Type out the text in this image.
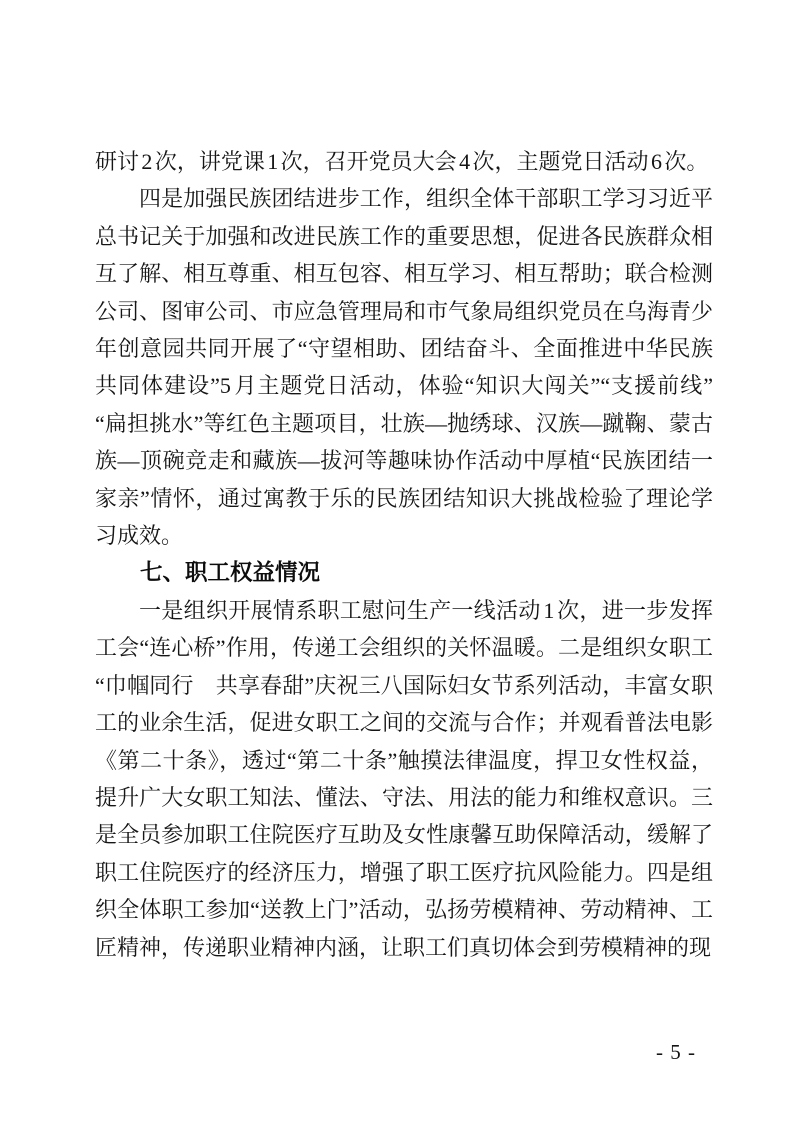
研讨 2 次，讲党课 1 次，召开党员大会 4 次，主题党日活动 6 次。

四是加强民族团结进步工作，组织全体干部职工学习习近平总书记关于加强和改进民族工作的重要思想，促进各民族群众相互了解、相互尊重、相互包容、相互学习、相互帮助；联合检测公司、图审公司、市应急管理局和市气象局组织党员在乌海青少年创意园共同开展了“守望相助、团结奋斗、全面推进中华民族共同体建设”5 月主题党日活动，体验“知识大闯关”“支援前线”“扁担挑水”等红色主题项目，壮族—抛绣球、汉族—蹴鞠、蒙古族—顶碗竞走和藏族—拔河等趣味协作活动中厚植“民族团结一家亲”情怀，通过寓教于乐的民族团结知识大挑战检验了理论学习成效。

七、职工权益情况

一是组织开展情系职工慰问生产一线活动 1 次，进一步发挥工会“连心桥”作用，传递工会组织的关怀温暖。二是组织女职工“巾帼同行　共享春甜”庆祝三八国际妇女节系列活动，丰富女职工的业余生活，促进女职工之间的交流与合作；并观看普法电影《第二十条》，透过“第二十条”触摸法律温度，捍卫女性权益，提升广大女职工知法、懂法、守法、用法的能力和维权意识。三是全员参加职工住院医疗互助及女性康馨互助保障活动，缓解了职工住院医疗的经济压力，增强了职工医疗抗风险能力。四是组织全体职工参加“送教上门”活动，弘扬劳模精神、劳动精神、工匠精神，传递职业精神内涵，让职工们真切体会到劳模精神的现

- 5 -
